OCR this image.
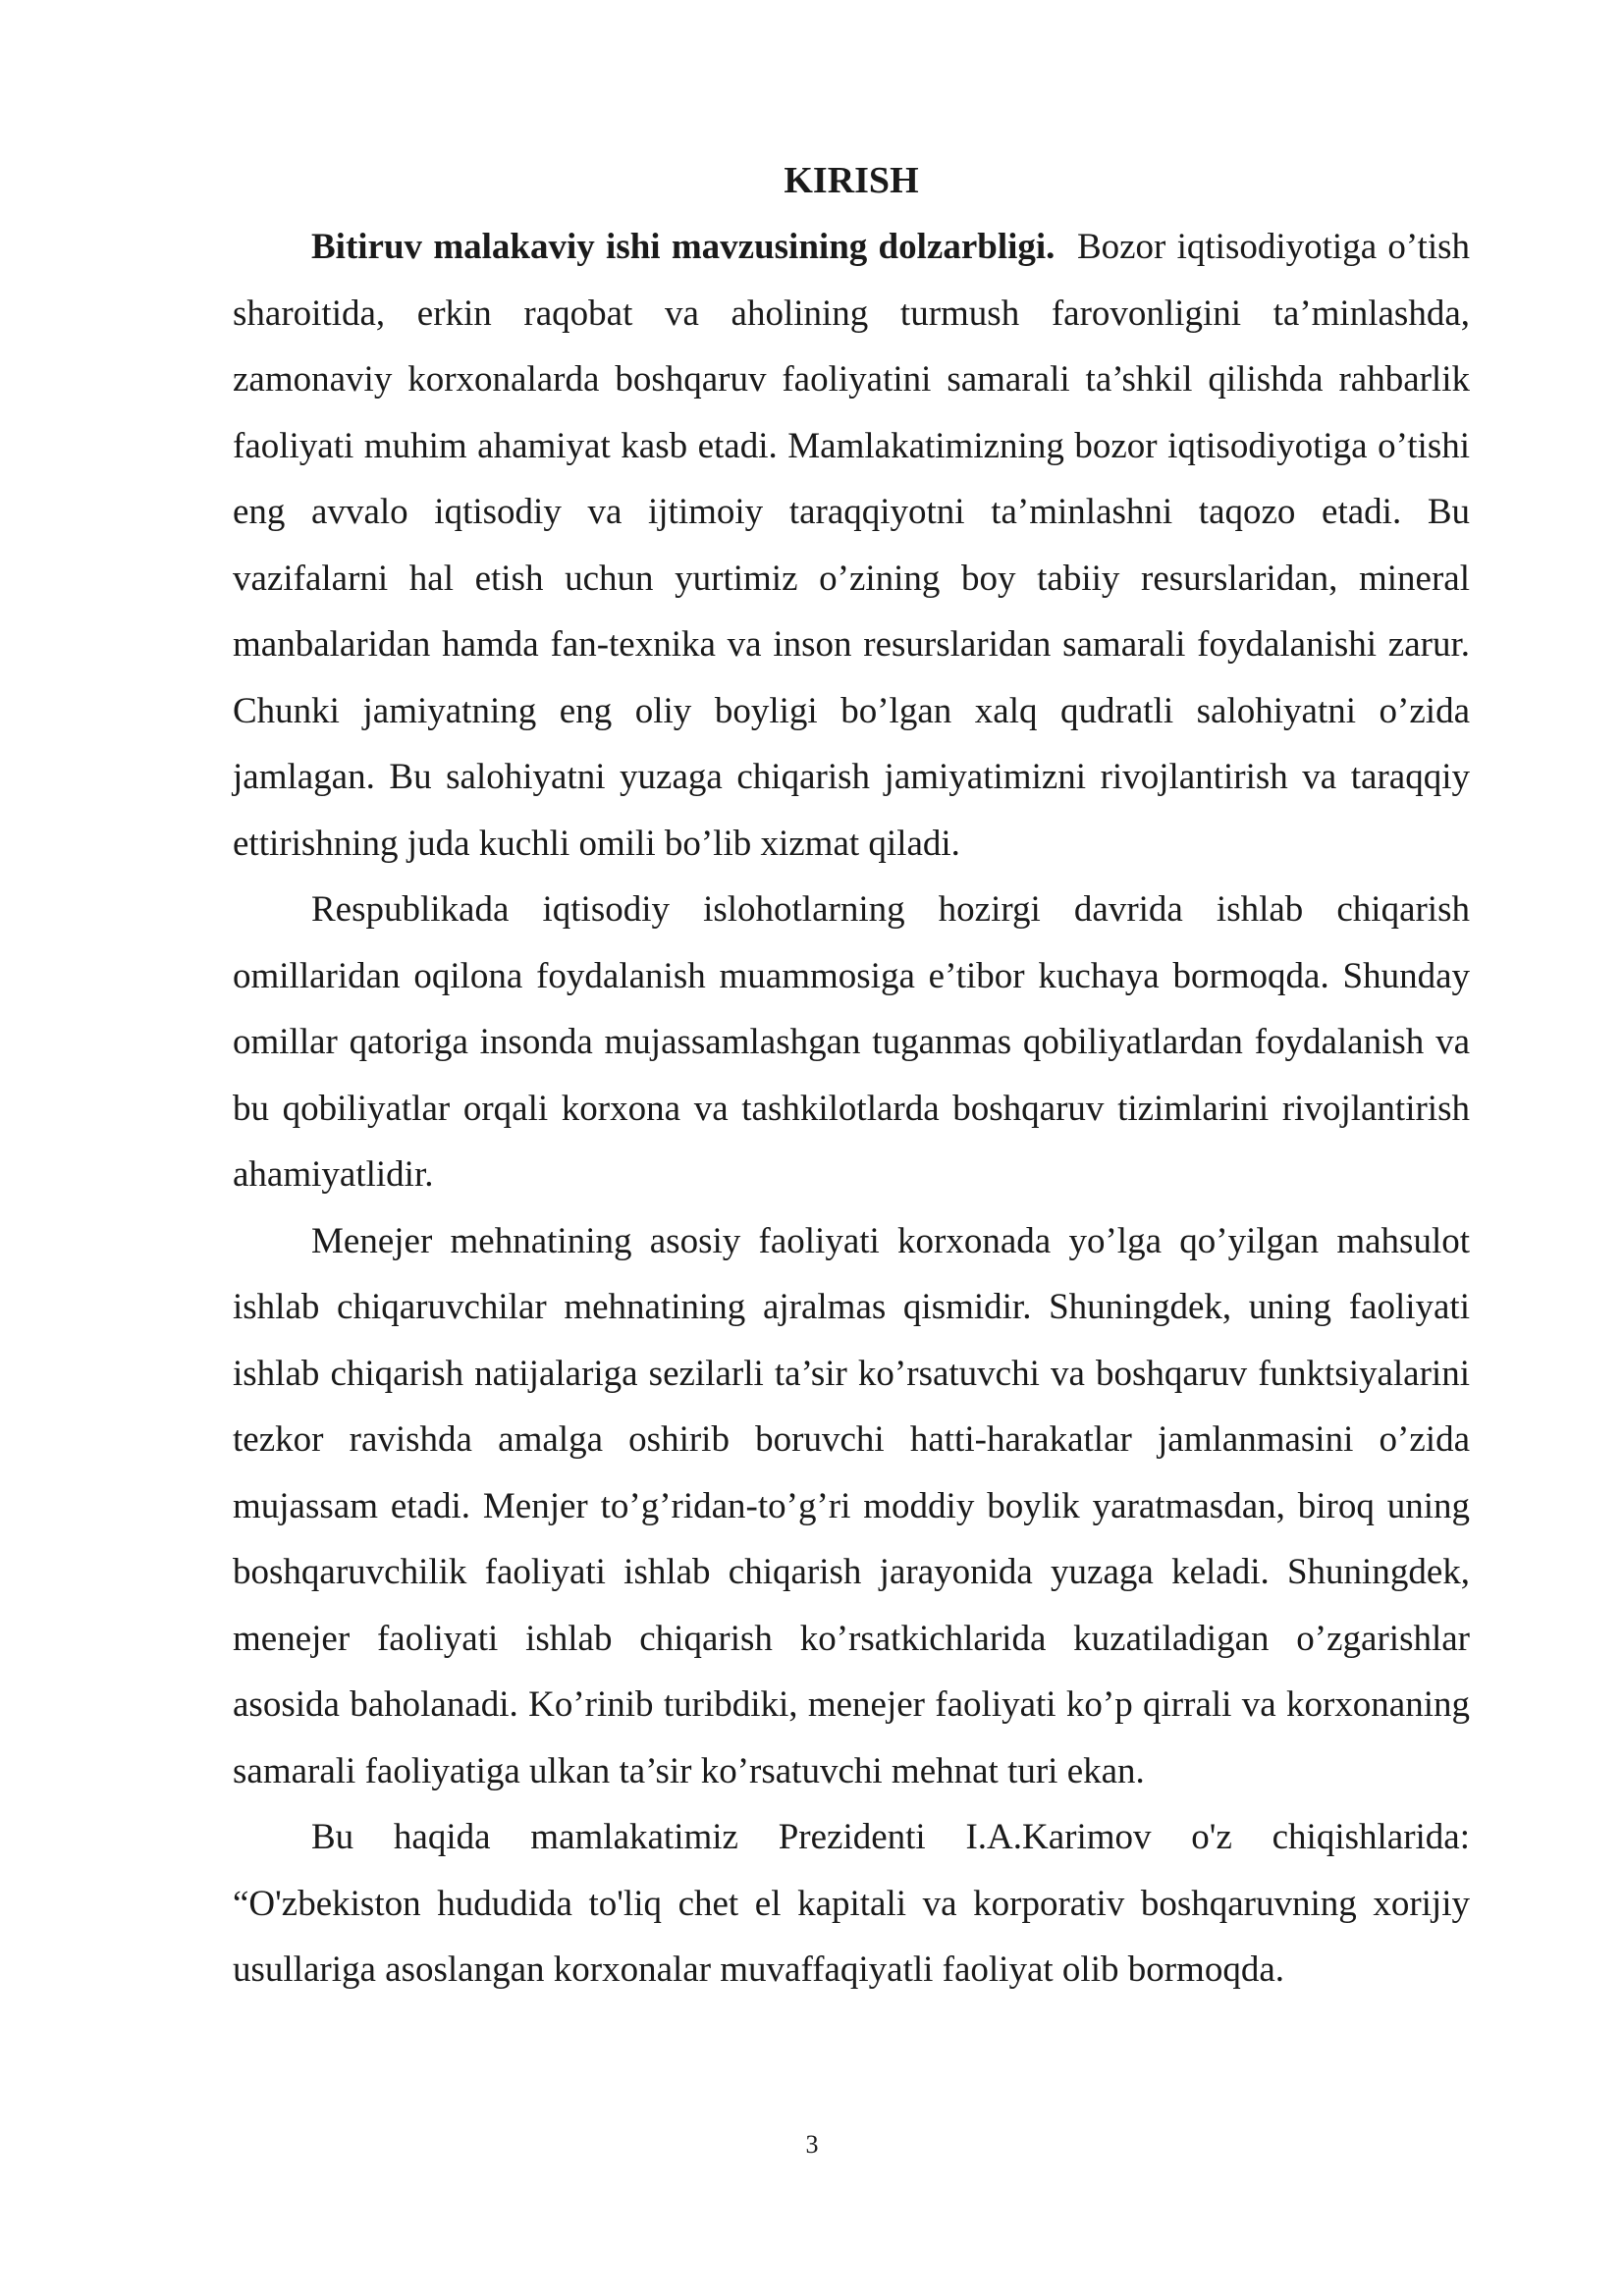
KIRISH

Bitiruv malakaviy ishi mavzusining dolzarbligi. Bozor iqtisodiyotiga o’tish sharoitida, erkin raqobat va aholining turmush farovonligini ta’minlashda, zamonaviy korxonalarda boshqaruv faoliyatini samarali ta’shkil qilishda rahbarlik faoliyati muhim ahamiyat kasb etadi. Mamlakatimizning bozor iqtisodiyotiga o’tishi eng avvalo iqtisodiy va ijtimoiy taraqqiyotni ta’minlashni taqozo etadi. Bu vazifalarni hal etish uchun yurtimiz o’zining boy tabiiy resurslaridan, mineral manbalaridan hamda fan-texnika va inson resurslaridan samarali foydalanishi zarur. Chunki jamiyatning eng oliy boyligi bo’lgan xalq qudratli salohiyatni o’zida jamlagan. Bu salohiyatni yuzaga chiqarish jamiyatimizni rivojlantirish va taraqqiy ettirishning juda kuchli omili bo’lib xizmat qiladi.

Respublikada iqtisodiy islohotlarning hozirgi davrida ishlab chiqarish omillaridan oqilona foydalanish muammosiga e’tibor kuchaya bormoqda. Shunday omillar qatoriga insonda mujassamlashgan tuganmas qobiliyatlardan foydalanish va bu qobiliyatlar orqali korxona va tashkilotlarda boshqaruv tizimlarini rivojlantirish ahamiyatlidir.

Menejer mehnatining asosiy faoliyati korxonada yo’lga qo’yilgan mahsulot ishlab chiqaruvchilar mehnatining ajralmas qismidir. Shuningdek, uning faoliyati ishlab chiqarish natijalariga sezilarli ta’sir ko’rsatuvchi va boshqaruv funktsiyalarini tezkor ravishda amalga oshirib boruvchi hatti-harakatlar jamlanmasini o’zida mujassam etadi. Menjer to’g’ridan-to’g’ri moddiy boylik yaratmasdan, biroq uning boshqaruvchilik faoliyati ishlab chiqarish jarayonida yuzaga keladi. Shuningdek, menejer faoliyati ishlab chiqarish ko’rsatkichlarida kuzatiladigan o’zgarishlar asosida baholanadi. Ko’rinib turibdiki, menejer faoliyati ko’p qirrali va korxonaning samarali faoliyatiga ulkan ta’sir ko’rsatuvchi mehnat turi ekan.

Bu haqida mamlakatimiz Prezidenti I.A.Karimov o'z chiqishlarida: “O'zbekiston hududida to'liq chet el kapitali va korporativ boshqaruvning xorijiy usullariga asoslangan korxonalar muvaffaqiyatli faoliyat olib bormoqda.

3
